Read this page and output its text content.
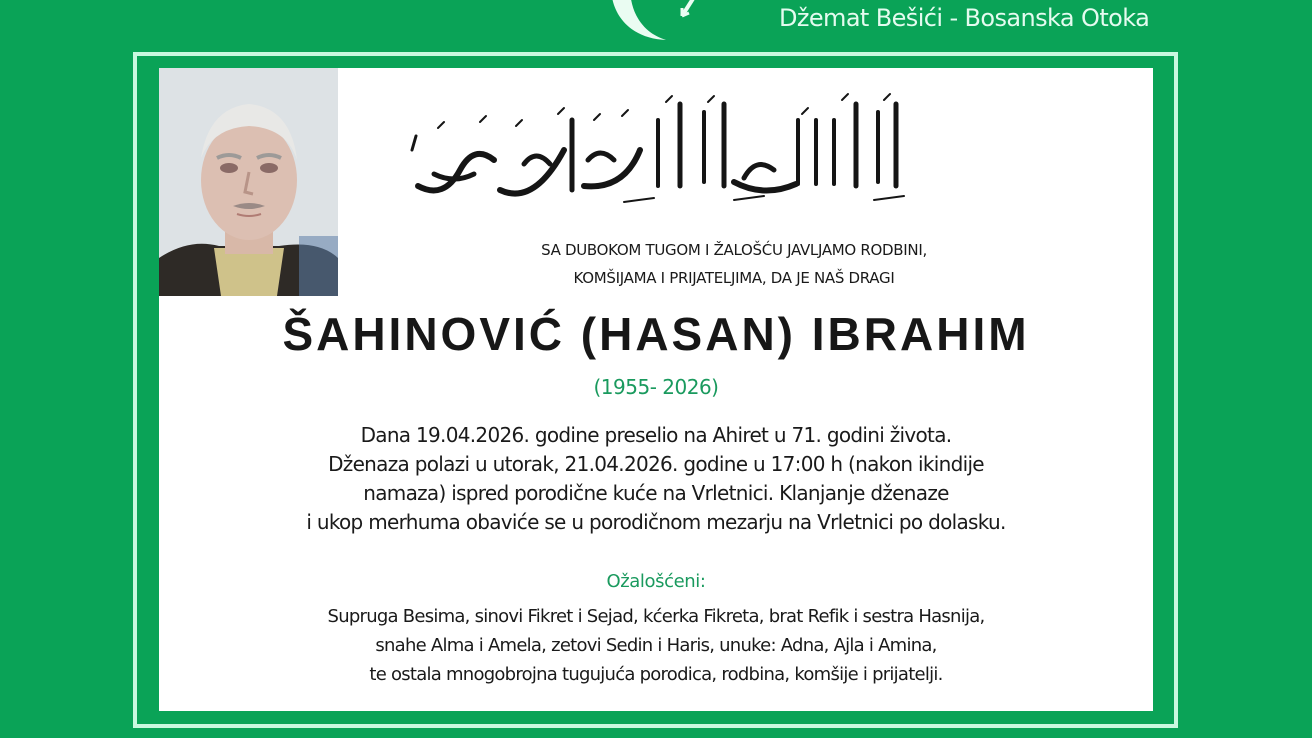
Džemat Bešići - Bosanska Otoka
SA DUBOKOM TUGOM I ŽALOŠĆU JAVLJAMO RODBINI,
KOMŠIJAMA I PRIJATELJIMA, DA JE NAŠ DRAGI
ŠAHINOVIĆ (HASAN) IBRAHIM
(1955- 2026)
Dana 19.04.2026. godine preselio na Ahiret u 71. godini života.
Dženaza polazi u utorak, 21.04.2026. godine u 17:00 h (nakon ikindije
namaza) ispred porodične kuće na Vrletnici. Klanjanje dženaze
i ukop merhuma obaviće se u porodičnom mezarju na Vrletnici po dolasku.
Ožalošćeni:
Supruga Besima, sinovi Fikret i Sejad, kćerka Fikreta, brat Refik i sestra Hasnija,
snahe Alma i Amela, zetovi Sedin i Haris, unuke: Adna, Ajla i Amina,
te ostala mnogobrojna tugujuća porodica, rodbina, komšije i prijatelji.
